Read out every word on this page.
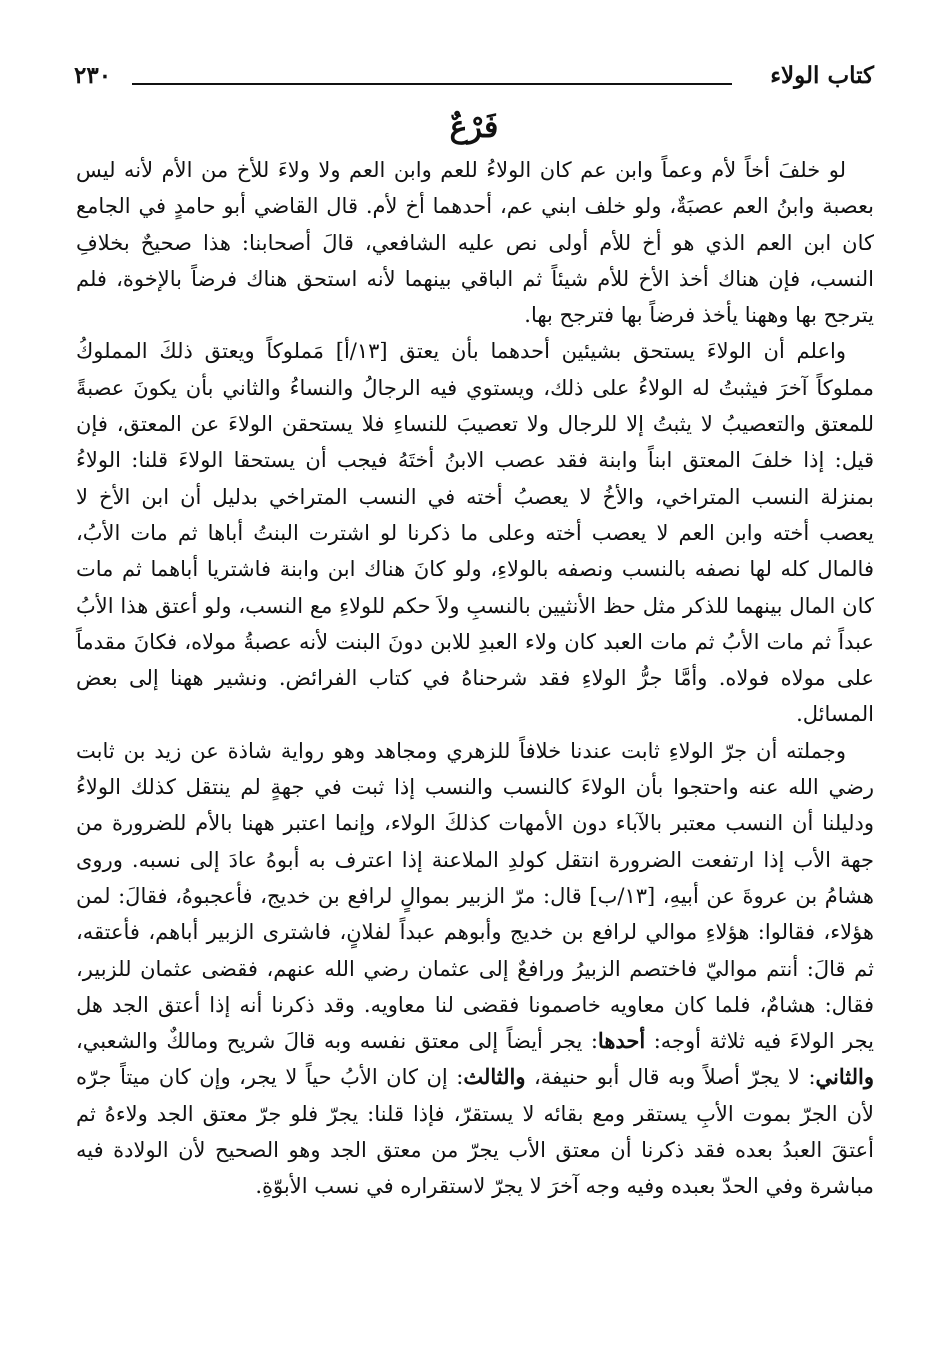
كتاب الولاء
٢٣٠
فَرْعٌ

لو خلفَ أخاً لأم وعماً وابن عم كان الولاءُ للعم وابن العم ولا ولاءَ للأخ من الأم لأنه ليس بعصبة وابنُ العم عصبَةٌ، ولو خلف ابني عم، أحدهما أخ لأم. قال القاضي أبو حامدٍ في الجامع كان ابن العم الذي هو أخ للأم أولى نص عليه الشافعي، قالَ أصحابنا: هذا صحيحٌ بخلافِ النسب، فإن هناك أخذ الأخ للأم شيئاً ثم الباقي بينهما لأنه استحق هناك فرضاً بالإخوة، فلم يترجح بها وههنا يأخذ فرضاً بها فترجح بها.

واعلم أن الولاءَ يستحق بشيئين أحدهما بأن يعتق [١٣/أ] مَملوكاً ويعتق ذلكَ المملوكُ مملوكاً آخرَ فيثبتُ له الولاءُ على ذلك، ويستوي فيه الرجالُ والنساءُ والثاني بأن يكونَ عصبةً للمعتق والتعصيبُ لا يثبتُ إلا للرجال ولا تعصيبَ للنساءِ فلا يستحقن الولاءَ عن المعتق، فإن قيل: إذا خلفَ المعتق ابناً وابنة فقد عصب الابنُ أختَهُ فيجب أن يستحقا الولاءَ قلنا: الولاءُ بمنزلة النسب المتراخي، والأخُ لا يعصبُ أخته في النسب المتراخي بدليل أن ابن الأخ لا يعصب أخته وابن العم لا يعصب أخته وعلى ما ذكرنا لو اشترت البنتُ أباها ثم مات الأبُ، فالمال كله لها نصفه بالنسب ونصفه بالولاءِ، ولو كانَ هناك ابن وابنة فاشتريا أباهما ثم مات كان المال بينهما للذكر مثل حظ الأنثيين بالنسبِ ولاَ حكم للولاءِ مع النسب، ولو أعتق هذا الأبُ عبداً ثم مات الأبُ ثم مات العبد كان ولاء العبدِ للابن دونَ البنت لأنه عصبةُ مولاه، فكانَ مقدماً على مولاه فولاه. وأمَّا جرُّ الولاءِ فقد شرحناهُ في كتاب الفرائض. ونشير ههنا إلى بعض المسائل.

وجملته أن جرّ الولاءِ ثابت عندنا خلافاً للزهري ومجاهد وهو رواية شاذة عن زيد بن ثابت رضي الله عنه واحتجوا بأن الولاءَ كالنسب والنسب إذا ثبت في جهةٍ لم ينتقل كذلك الولاءُ ودليلنا أن النسب معتبر بالآباء دون الأمهات كذلكَ الولاء، وإنما اعتبر ههنا بالأم للضرورة من جهة الأب إذا ارتفعت الضرورة انتقل كولدِ الملاعنة إذا اعترف به أبوهُ عادَ إلى نسبه. وروى هشامُ بن عروةَ عن أبيهِ، [١٣/ب] قال: مرّ الزبير بموالٍ لرافع بن خديج، فأعجبوهُ، فقالَ: لمن هؤلاء، فقالوا: هؤلاءِ موالي لرافع بن خديج وأبوهم عبداً لفلانٍ، فاشترى الزبير أباهم، فأعتقه، ثم قالَ: أنتم مواليّ فاختصم الزبيرُ ورافعٌ إلى عثمان رضي الله عنهم، فقضى عثمان للزبير، فقال: هشامٌ، فلما كان معاويه خاصمونا فقضى لنا معاويه. وقد ذكرنا أنه إذا أعتق الجد هل يجر الولاءَ فيه ثلاثة أوجه: أحدها: يجر أيضاً إلى معتق نفسه وبه قالَ شريح ومالكٌ والشعبي، والثاني: لا يجرّ أصلاً وبه قال أبو حنيفة، والثالث: إن كان الأبُ حياً لا يجر، وإن كان ميتاً جرّه لأن الجرّ بموت الأبِ يستقر ومع بقائه لا يستقرّ، فإذا قلنا: يجرّ فلو جرّ معتق الجد ولاءهُ ثم أعتقَ العبدُ بعده فقد ذكرنا أن معتق الأب يجرّ من معتق الجد وهو الصحيح لأن الولادة فيه مباشرة وفي الحدّ بعبده وفيه وجه آخرَ لا يجرّ لاستقراره في نسب الأبوّةِ.
